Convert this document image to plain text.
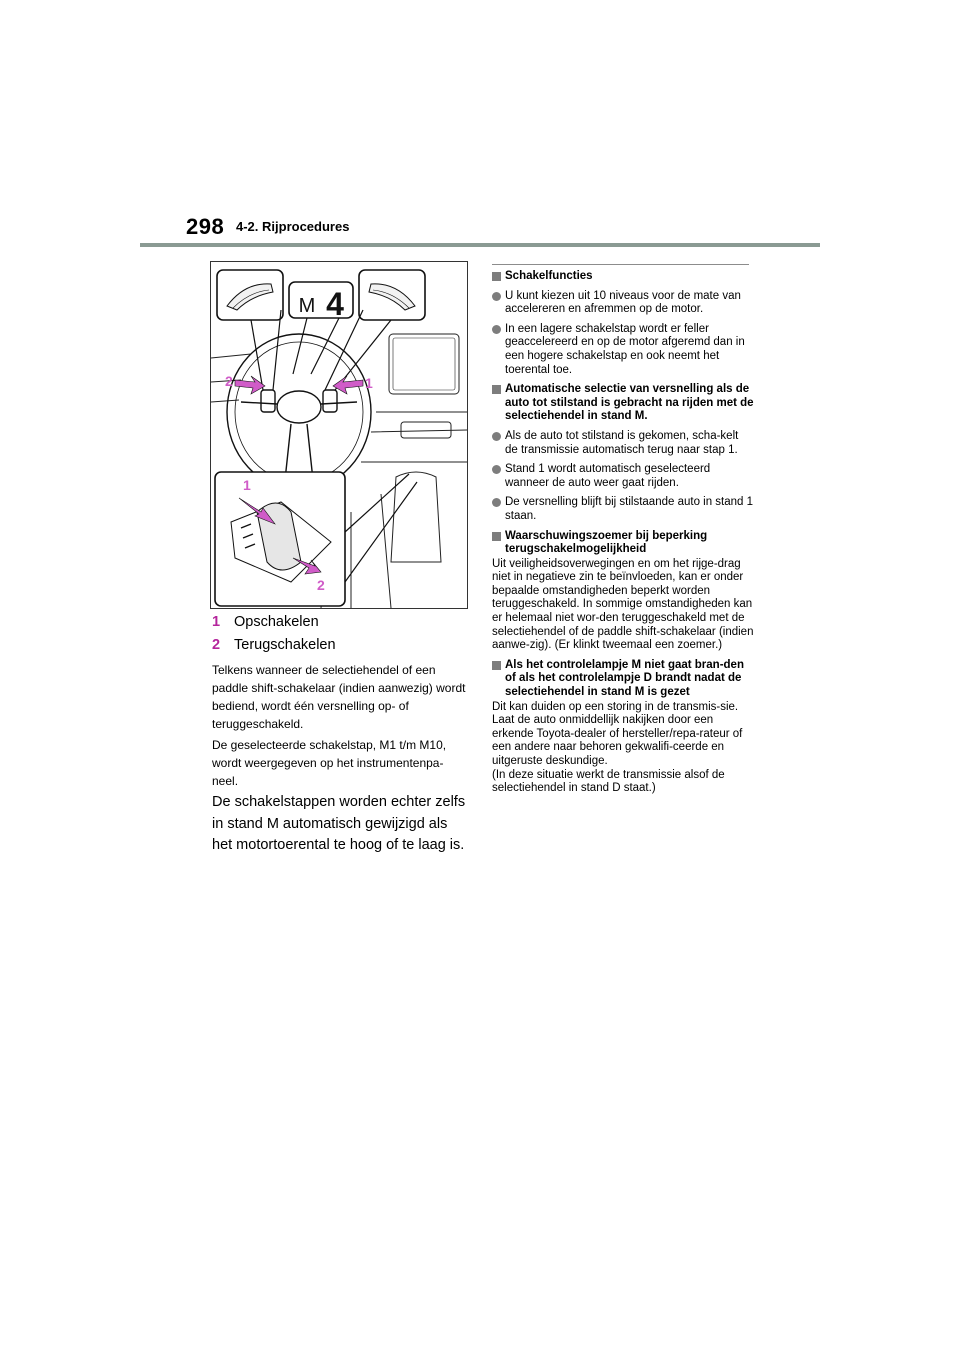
298 4-2. Rijprocedures
M 4
2	1
1
2
1 Opschakelen
2 Terugschakelen
Telkens wanneer de selectiehendel of een paddle shift-schakelaar (indien aanwezig) wordt bediend, wordt één versnelling op- of teruggeschakeld.
De geselecteerde schakelstap, M1 t/m M10, wordt weergegeven op het instrumentenpa-neel.
De schakelstappen worden echter zelfs in stand M automatisch gewijzigd als het motortoerental te hoog of te laag is.
Schakelfuncties
U kunt kiezen uit 10 niveaus voor de mate van accelereren en afremmen op de motor.
In een lagere schakelstap wordt er feller geaccelereerd en op de motor afgeremd dan in een hogere schakelstap en ook neemt het toerental toe.
Automatische selectie van versnelling als de auto tot stilstand is gebracht na rijden met de selectiehendel in stand M.
Als de auto tot stilstand is gekomen, scha-kelt de transmissie automatisch terug naar stap 1.
Stand 1 wordt automatisch geselecteerd wanneer de auto weer gaat rijden.
De versnelling blijft bij stilstaande auto in stand 1 staan.
Waarschuwingszoemer bij beperking terugschakelmogelijkheid
Uit veiligheidsoverwegingen en om het rijge-drag niet in negatieve zin te beïnvloeden, kan er onder bepaalde omstandigheden beperkt worden teruggeschakeld. In sommige omstandigheden kan er helemaal niet wor-den teruggeschakeld met de selectiehendel of de paddle shift-schakelaar (indien aanwe-zig). (Er klinkt tweemaal een zoemer.)
Als het controlelampje M niet gaat bran-den of als het controlelampje D brandt nadat de selectiehendel in stand M is gezet
Dit kan duiden op een storing in de transmis-sie. Laat de auto onmiddellijk nakijken door een erkende Toyota-dealer of hersteller/repa-rateur of een andere naar behoren gekwalifi-ceerde en uitgeruste deskundige.
(In deze situatie werkt de transmissie alsof de selectiehendel in stand D staat.)
